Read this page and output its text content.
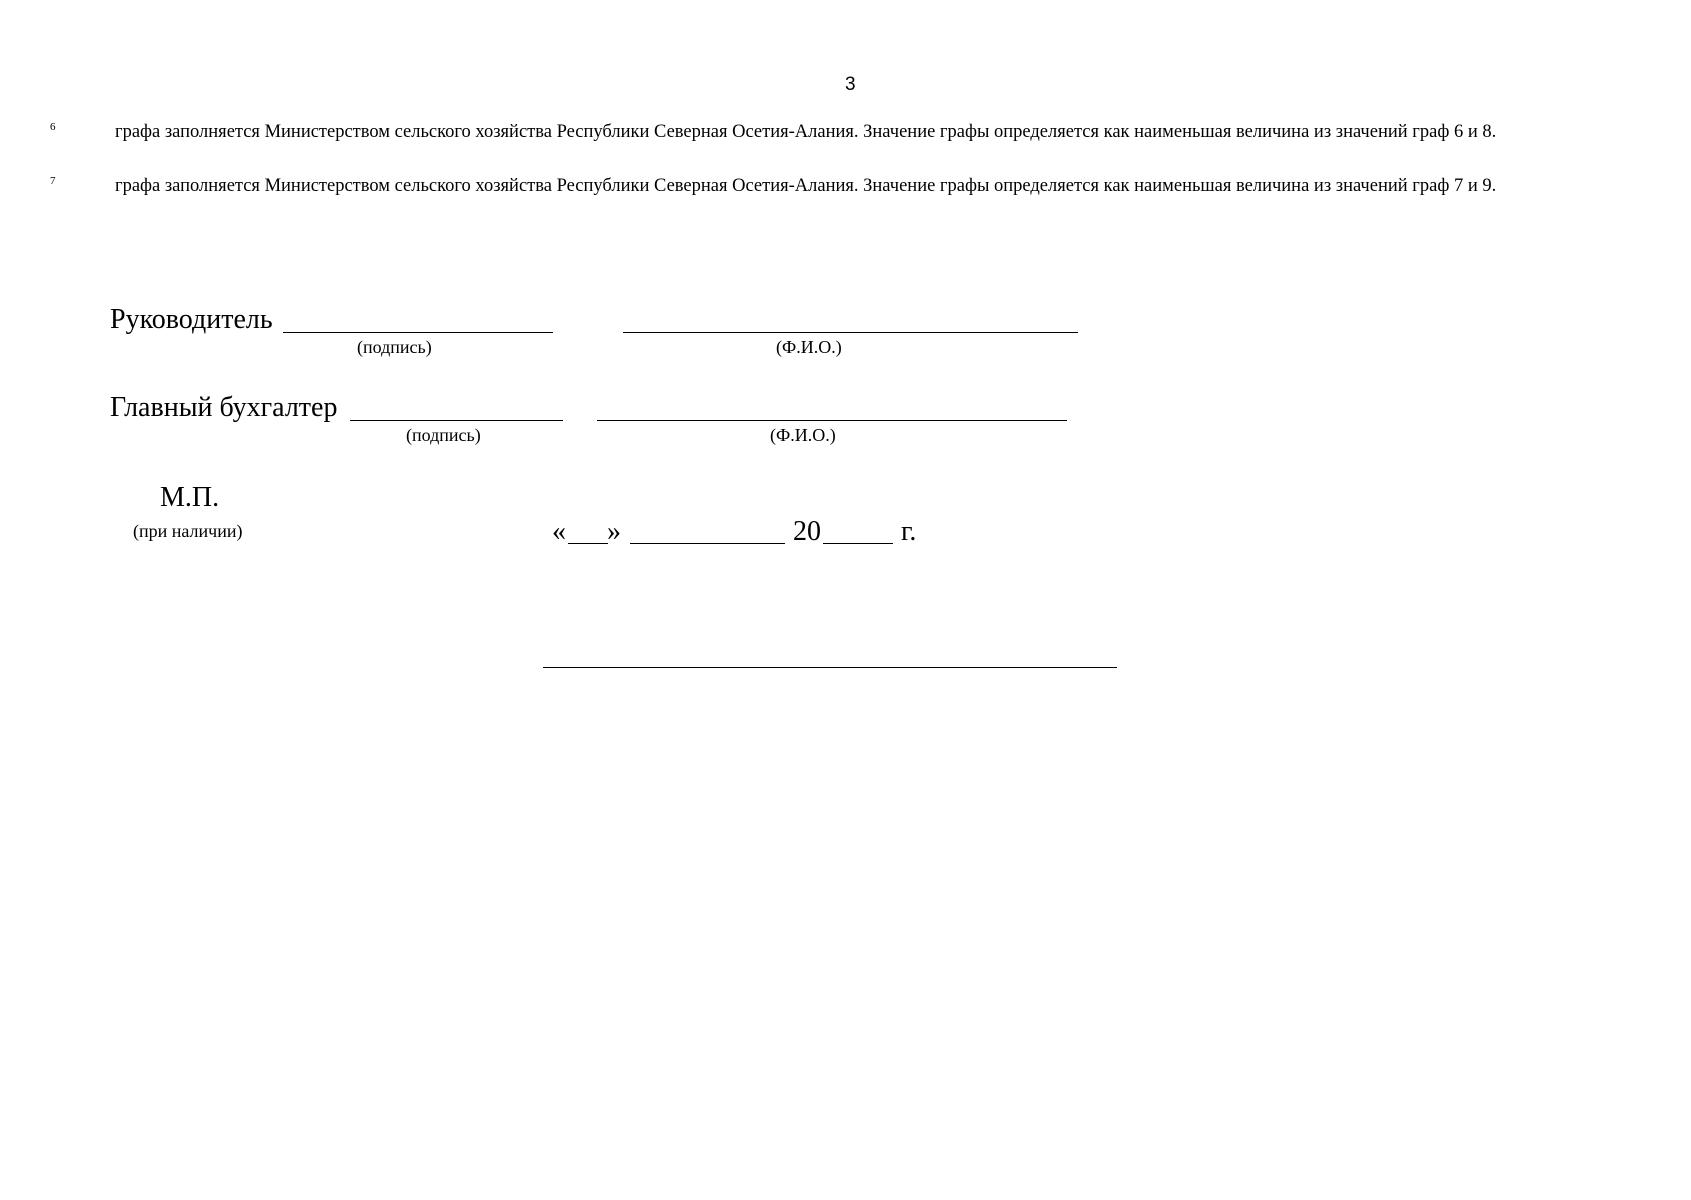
3
$^6$	графа заполняется Министерством сельского хозяйства Республики Северная Осетия-Алания. Значение графы определяется как наименьшая величина из значений граф 6 и 8.
$^7$	графа заполняется Министерством сельского хозяйства Республики Северная Осетия-Алания. Значение графы определяется как наименьшая величина из значений граф 7 и 9.
Руководитель
(подпись)	(Ф.И.О.)
Главный бухгалтер
(подпись)	(Ф.И.О.)
М.П.
(при наличии)	« »	20	г.
